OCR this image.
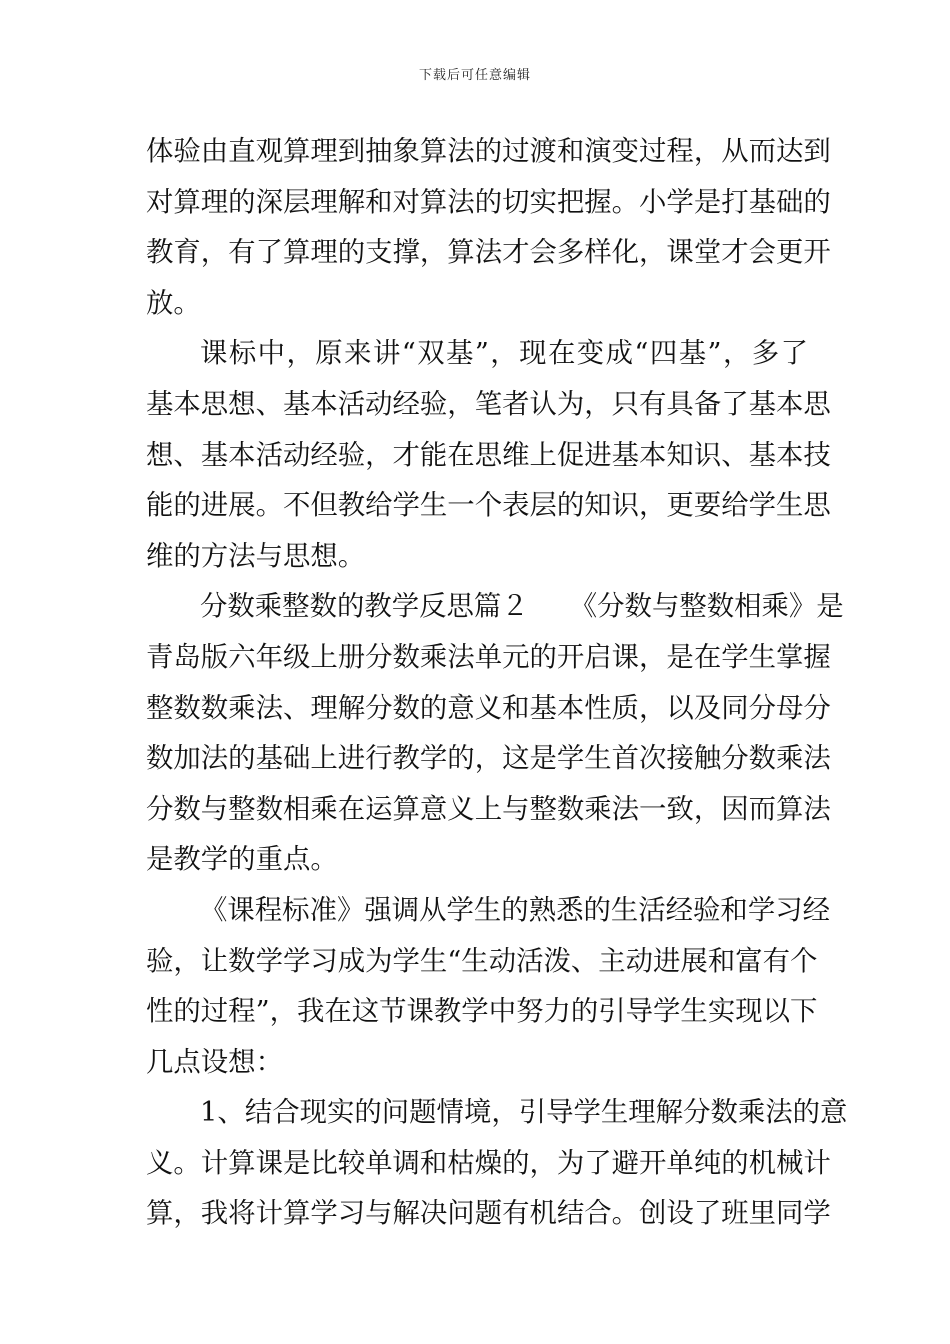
下载后可任意编辑
体验由直观算理到抽象算法的过渡和演变过程，从而达到
对算理的深层理解和对算法的切实把握。小学是打基础的
教育，有了算理的支撑，算法才会多样化，课堂才会更开
放。
课标中，原来讲“双基”，现在变成“四基”，多了
基本思想、基本活动经验，笔者认为，只有具备了基本思
想、基本活动经验，才能在思维上促进基本知识、基本技
能的进展。不但教给学生一个表层的知识，更要给学生思
维的方法与思想。
分数乘整数的教学反思篇２　　《分数与整数相乘》是
青岛版六年级上册分数乘法单元的开启课，是在学生掌握
整数数乘法、理解分数的意义和基本性质，以及同分母分
数加法的基础上进行教学的，这是学生首次接触分数乘法
分数与整数相乘在运算意义上与整数乘法一致，因而算法
是教学的重点。
《课程标准》强调从学生的熟悉的生活经验和学习经
验，让数学学习成为学生“生动活泼、主动进展和富有个
性的过程”，我在这节课教学中努力的引导学生实现以下
几点设想：
1、结合现实的问题情境，引导学生理解分数乘法的意
义。计算课是比较单调和枯燥的，为了避开单纯的机械计
算，我将计算学习与解决问题有机结合。创设了班里同学
